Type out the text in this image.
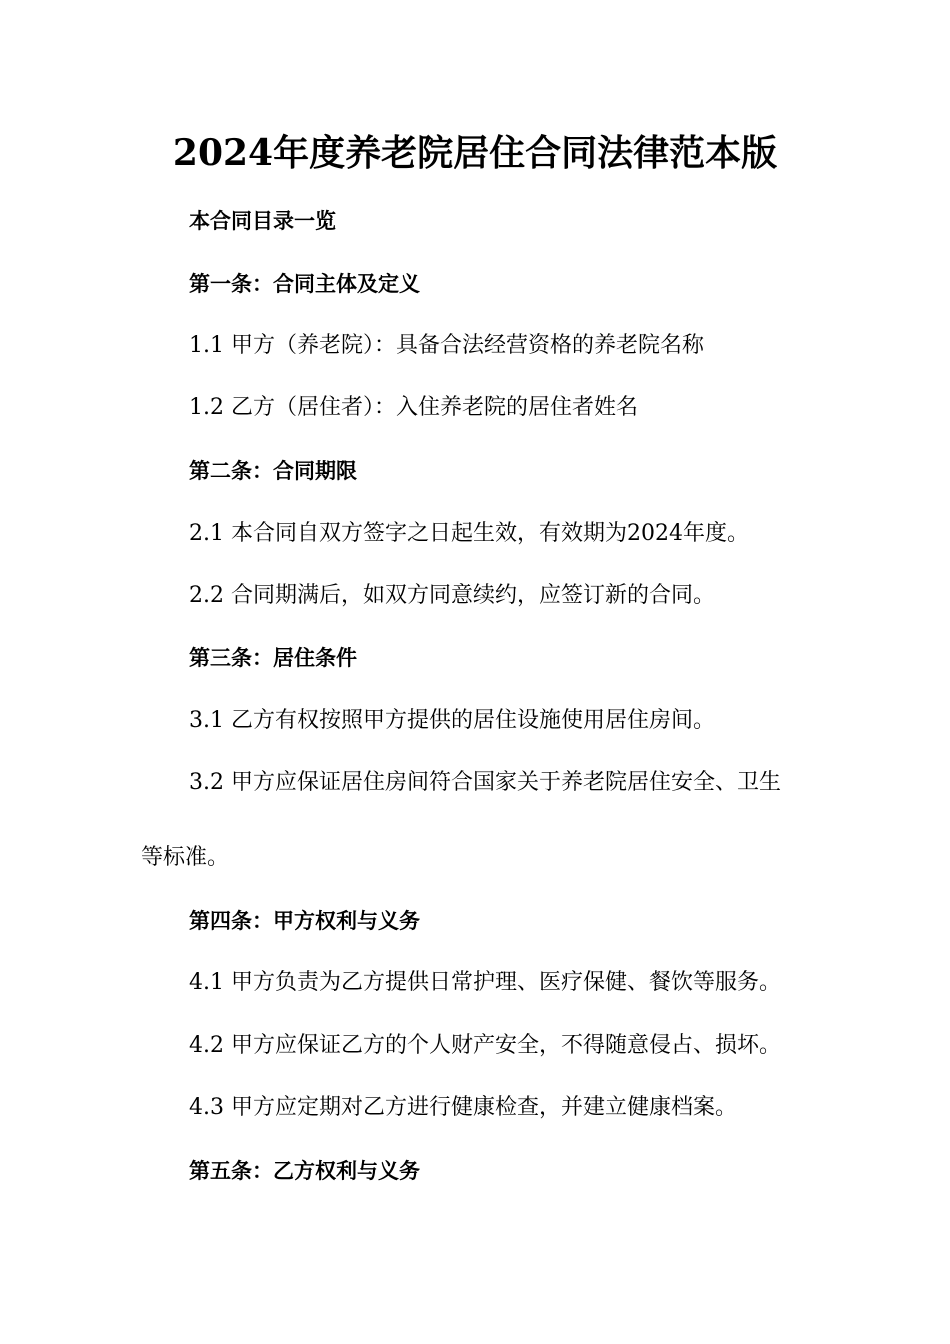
2024年度养老院居住合同法律范本版
本合同目录一览
第一条：合同主体及定义
1.1 甲方（养老院）：具备合法经营资格的养老院名称
1.2 乙方（居住者）：入住养老院的居住者姓名
第二条：合同期限
2.1 本合同自双方签字之日起生效，有效期为2024年度。
2.2 合同期满后，如双方同意续约，应签订新的合同。
第三条：居住条件
3.1 乙方有权按照甲方提供的居住设施使用居住房间。
3.2 甲方应保证居住房间符合国家关于养老院居住安全、卫生
等标准。
第四条：甲方权利与义务
4.1 甲方负责为乙方提供日常护理、医疗保健、餐饮等服务。
4.2 甲方应保证乙方的个人财产安全，不得随意侵占、损坏。
4.3 甲方应定期对乙方进行健康检查，并建立健康档案。
第五条：乙方权利与义务
